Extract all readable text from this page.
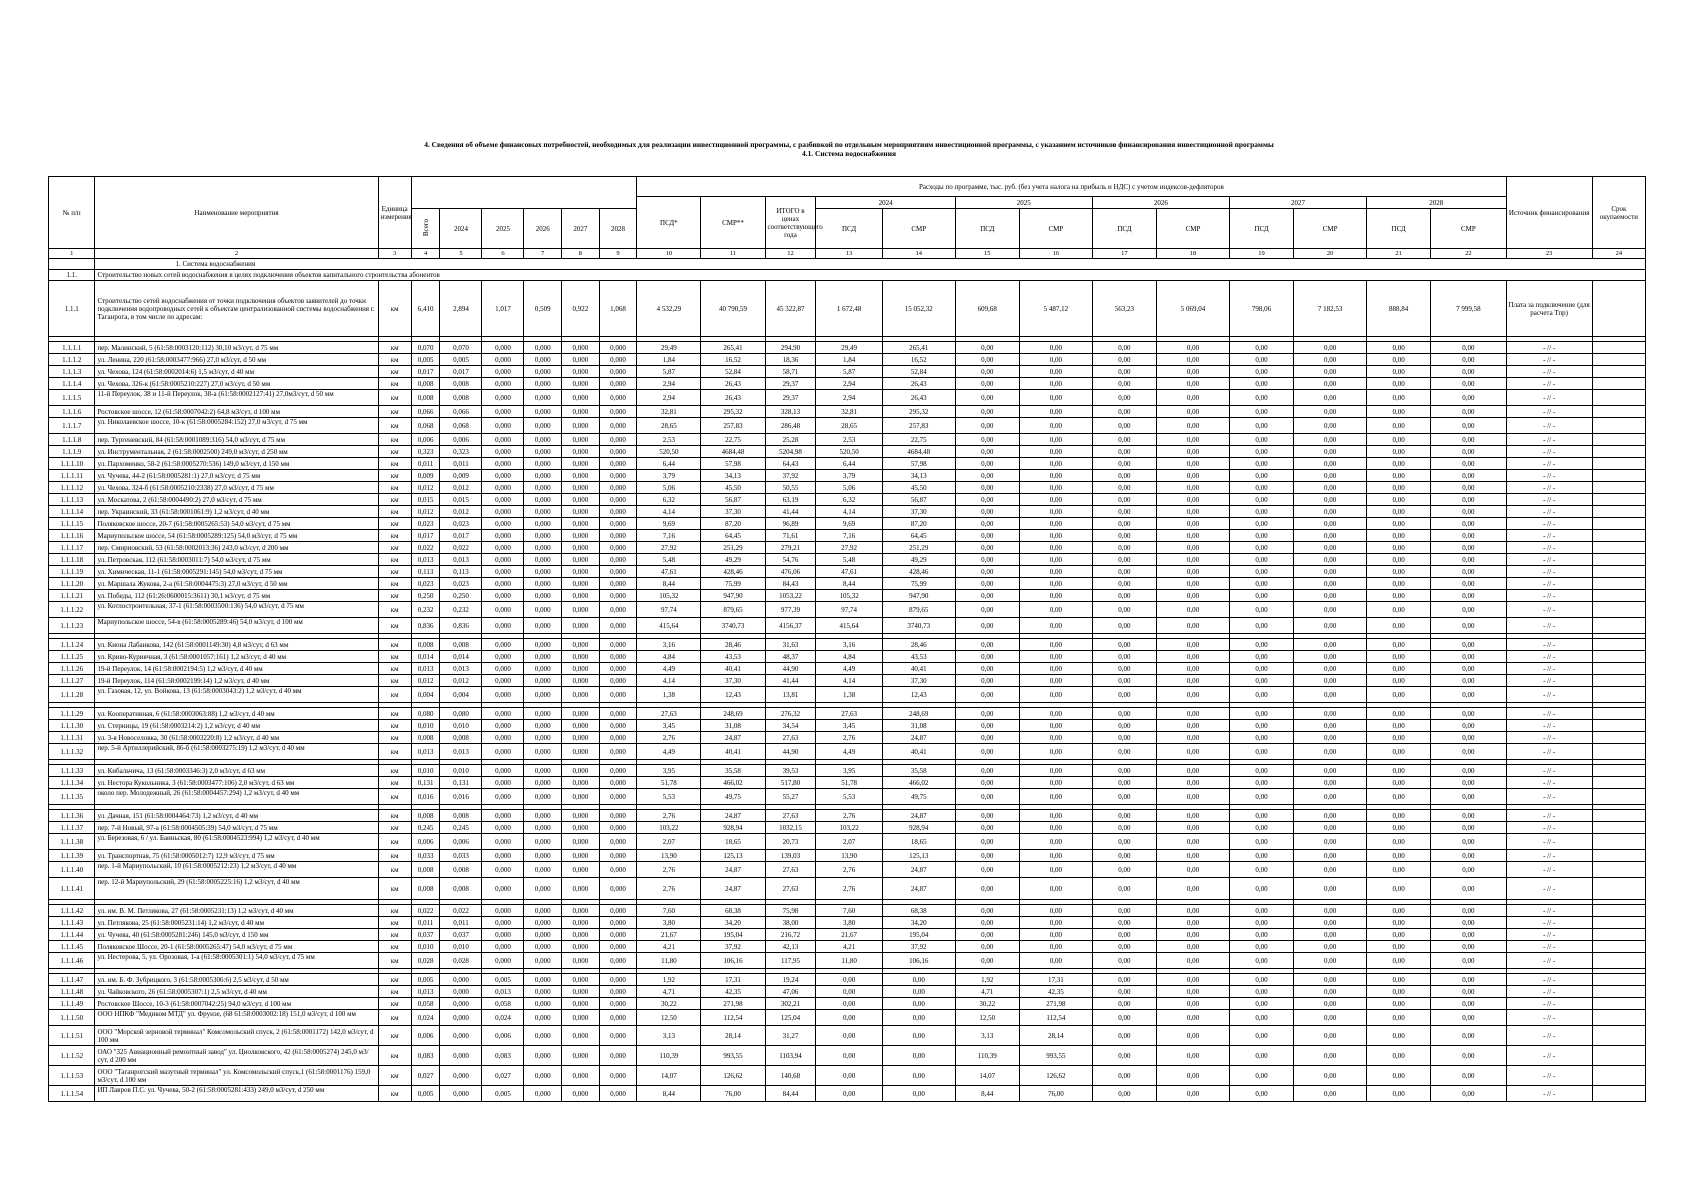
4. Сведения об объеме финансовых потребностей, необходимых для реализации инвестиционной программы, с разбивкой по отдельным мероприятиям инвестиционной программы, с указанием источников финансирования инвестиционной программы
4.1. Система водоснабжения
№ п/п	Наименование мероприятия	Единица измерения							Расходы по программе, тыс. руб. (без учета налога на прибыль и НДС) с учетом индексов-дефляторов													Источник финансирования	Срок окупаемости
									ПСД*	СМР**	ИТОГО в ценах соответствующего года	2024		2025		2026		2027		2028			
			Всего	2024	2025	2026	2027	2028				ПСД	СМР	ПСД	СМР	ПСД	СМР	ПСД	СМР	ПСД	СМР		
1	2	3	4	5	6	7	8	9	10	11	12	13	14	15	16	17	18	19	20	21	22	23	24
	1. Система водоснабжения																						
1.1.	Строительство новых сетей водоснабжения в целях подключения объектов капитального строительства абонентов																						
1.1.1	Строительство сетей водоснабжения от точки подключения объектов заявителей до точки подключения водопроводных сетей к объектам централизованной системы водоснабжения г. Таганрога, в том числе по адресам:	км	6,410	2,894	1,017	0,509	0,922	1,068	4 532,29	40 790,59	45 322,87	1 672,48	15 052,32	609,68	5 487,12	563,23	5 069,04	798,06	7 182,53	888,84	7 999,58	Плата за подключение (для расчета Тпр)	

1.1.1.1	пер. Малинский, 5 (61:58:0003120:112) 30,10 м3/сут, d 75 мм	км	0,070	0,070	0,000	0,000	0,000	0,000	29,49	265,41	294,90	29,49	265,41	0,00	0,00	0,00	0,00	0,00	0,00	0,00	0,00	- // -	
1.1.1.2	ул. Ленина, 220 (61:58:0003477:966) 27,0 м3/сут, d 50 мм	км	0,005	0,005	0,000	0,000	0,000	0,000	1,84	16,52	18,36	1,84	16,52	0,00	0,00	0,00	0,00	0,00	0,00	0,00	0,00	- // -	
1.1.1.3	ул. Чехова, 124 (61:58:0002014:6) 1,5 м3/сут, d 40 мм	км	0,017	0,017	0,000	0,000	0,000	0,000	5,87	52,84	58,71	5,87	52,84	0,00	0,00	0,00	0,00	0,00	0,00	0,00	0,00	- // -	
1.1.1.4	ул. Чехова, 326-к (61:58:0005210:227) 27,0 м3/сут, d 50 мм	км	0,008	0,008	0,000	0,000	0,000	0,000	2,94	26,43	29,37	2,94	26,43	0,00	0,00	0,00	0,00	0,00	0,00	0,00	0,00	- // -	
1.1.1.5	11-й Переулок, 38 и 11-й Переулок, 38-а (61:58:0002127:41) 27,0м3/сут, d 50 мм	км	0,008	0,008	0,000	0,000	0,000	0,000	2,94	26,43	29,37	2,94	26,43	0,00	0,00	0,00	0,00	0,00	0,00	0,00	0,00	- // -	
1.1.1.6	Ростовское шоссе, 12 (61:58:0007042:2) 64,8 м3/сут, d 100 мм	км	0,066	0,066	0,000	0,000	0,000	0,000	32,81	295,32	328,13	32,81	295,32	0,00	0,00	0,00	0,00	0,00	0,00	0,00	0,00	- // -	
1.1.1.7	ул. Николаевское шоссе, 10-к (61:58:0005284:152) 27,0 м3/сут, d 75 мм	км	0,068	0,068	0,000	0,000	0,000	0,000	28,65	257,83	286,48	28,65	257,83	0,00	0,00	0,00	0,00	0,00	0,00	0,00	0,00	- // -	
1.1.1.8	пер. Тургеневский, 84 (61:58:0001089:316) 54,0 м3/сут, d 75 мм	км	0,006	0,006	0,000	0,000	0,000	0,000	2,53	22,75	25,28	2,53	22,75	0,00	0,00	0,00	0,00	0,00	0,00	0,00	0,00	- // -	
1.1.1.9	ул. Инструментальная, 2 (61:58:0002500) 249,0 м3/сут, d 250 мм	км	0,323	0,323	0,000	0,000	0,000	0,000	520,50	4684,48	5204,98	520,50	4684,48	0,00	0,00	0,00	0,00	0,00	0,00	0,00	0,00	- // -	
1.1.1.10	ул. Пархоменко, 58-2 (61:58:0005270:536) 149,0 м3/сут, d 150 мм	км	0,011	0,011	0,000	0,000	0,000	0,000	6,44	57,98	64,43	6,44	57,98	0,00	0,00	0,00	0,00	0,00	0,00	0,00	0,00	- // -	
1.1.1.11	ул. Чучева, 44-2 (61:58:0005281:1) 27,0 м3/сут, d 75 мм	км	0,009	0,009	0,000	0,000	0,000	0,000	3,79	34,13	37,92	3,79	34,13	0,00	0,00	0,00	0,00	0,00	0,00	0,00	0,00	- // -	
1.1.1.12	ул. Чехова, 324-б (61:58:0005210:2338) 27,0 м3/сут, d 75 мм	км	0,012	0,012	0,000	0,000	0,000	0,000	5,06	45,50	50,55	5,06	45,50	0,00	0,00	0,00	0,00	0,00	0,00	0,00	0,00	- // -	
1.1.1.13	ул. Москатова, 2 (61:58:0004490:2) 27,0 м3/сут, d 75 мм	км	0,015	0,015	0,000	0,000	0,000	0,000	6,32	56,87	63,19	6,32	56,87	0,00	0,00	0,00	0,00	0,00	0,00	0,00	0,00	- // -	
1.1.1.14	пер. Украинский, 33 (61:58:0001061:9) 1,2 м3/сут, d 40 мм	км	0,012	0,012	0,000	0,000	0,000	0,000	4,14	37,30	41,44	4,14	37,30	0,00	0,00	0,00	0,00	0,00	0,00	0,00	0,00	- // -	
1.1.1.15	Поляковское шоссе, 20-7 (61:58:0005265:53) 54,0 м3/сут, d 75 мм	км	0,023	0,023	0,000	0,000	0,000	0,000	9,69	87,20	96,89	9,69	87,20	0,00	0,00	0,00	0,00	0,00	0,00	0,00	0,00	- // -	
1.1.1.16	Мариупольское шоссе, 54 (61:58:0005289:125) 54,0 м3/сут, d 75 мм	км	0,017	0,017	0,000	0,000	0,000	0,000	7,16	64,45	71,61	7,16	64,45	0,00	0,00	0,00	0,00	0,00	0,00	0,00	0,00	- // -	
1.1.1.17	пер. Смирновский, 53 (61:58:0002013:36) 243,0 м3/сут, d 200 мм	км	0,022	0,022	0,000	0,000	0,000	0,000	27,92	251,29	279,21	27,92	251,29	0,00	0,00	0,00	0,00	0,00	0,00	0,00	0,00	- // -	
1.1.1.18	ул. Петровская, 112 (61:58:0003011:7) 54,0 м3/сут, d 75 мм	км	0,013	0,013	0,000	0,000	0,000	0,000	5,48	49,29	54,76	5,48	49,29	0,00	0,00	0,00	0,00	0,00	0,00	0,00	0,00	- // -	
1.1.1.19	ул. Химическая, 11-1 (61:58:0005291:145) 54,0 м3/сут, d 75 мм	км	0,113	0,113	0,000	0,000	0,000	0,000	47,61	428,46	476,06	47,61	428,46	0,00	0,00	0,00	0,00	0,00	0,00	0,00	0,00	- // -	
1.1.1.20	ул. Маршала Жукова, 2-а (61:58:0004475:3) 27,0 м3/сут, d 50 мм	км	0,023	0,023	0,000	0,000	0,000	0,000	8,44	75,99	84,43	8,44	75,99	0,00	0,00	0,00	0,00	0,00	0,00	0,00	0,00	- // -	
1.1.1.21	ул. Победы, 112 (61:26:0600015:3611) 30,1 м3/сут, d 75 мм	км	0,250	0,250	0,000	0,000	0,000	0,000	105,32	947,90	1053,22	105,32	947,90	0,00	0,00	0,00	0,00	0,00	0,00	0,00	0,00	- // -	
1.1.1.22	ул. Котлостроительная, 37-1 (61:58:0003500:136) 54,0 м3/сут, d 75 мм	км	0,232	0,232	0,000	0,000	0,000	0,000	97,74	879,65	977,39	97,74	879,65	0,00	0,00	0,00	0,00	0,00	0,00	0,00	0,00	- // -	
1.1.1.23	Мариупольское шоссе, 54-в (61:58:0005289:46) 54,0 м3/сут, d 100 мм	км	0,836	0,836	0,000	0,000	0,000	0,000	415,64	3740,73	4156,37	415,64	3740,73	0,00	0,00	0,00	0,00	0,00	0,00	0,00	0,00	- // -	

1.1.1.24	ул. Киона Лабанкова, 142 (61:58:0001149:30) 4,8 м3/сут, d 63 мм	км	0,008	0,008	0,000	0,000	0,000	0,000	3,16	28,46	31,63	3,16	28,46	0,00	0,00	0,00	0,00	0,00	0,00	0,00	0,00	- // -	
1.1.1.25	ул. Криво-Куриячная, 3 (61:58:0001057:161) 1,2 м3/сут, d 40 мм	км	0,014	0,014	0,000	0,000	0,000	0,000	4,84	43,53	48,37	4,84	43,53	0,00	0,00	0,00	0,00	0,00	0,00	0,00	0,00	- // -	
1.1.1.26	19-й Переулок, 14 (61:58:0002194:5) 1,2 м3/сут, d 40 мм	км	0,013	0,013	0,000	0,000	0,000	0,000	4,49	40,41	44,90	4,49	40,41	0,00	0,00	0,00	0,00	0,00	0,00	0,00	0,00	- // -	
1.1.1.27	19-й Переулок, 114 (61:58:0002199:14) 1,2 м3/сут, d 40 мм	км	0,012	0,012	0,000	0,000	0,000	0,000	4,14	37,30	41,44	4,14	37,30	0,00	0,00	0,00	0,00	0,00	0,00	0,00	0,00	- // -	
1.1.1.28	ул. Газовая, 12, ул. Войкова, 13 (61:58:0003043:2) 1,2 м3/сут, d 40 мм	км	0,004	0,004	0,000	0,000	0,000	0,000	1,38	12,43	13,81	1,38	12,43	0,00	0,00	0,00	0,00	0,00	0,00	0,00	0,00	- // -	

1.1.1.29	ул. Кооперативная, 6 (61:58:0003063:88) 1,2 м3/сут, d 40 мм	км	0,080	0,080	0,000	0,000	0,000	0,000	27,63	248,69	276,32	27,63	248,69	0,00	0,00	0,00	0,00	0,00	0,00	0,00	0,00	- // -	
1.1.1.30	ул. Стерницы, 19 (61:58:0003214:2) 1,2 м3/сут, d 40 мм	км	0,010	0,010	0,000	0,000	0,000	0,000	3,45	31,08	34,54	3,45	31,08	0,00	0,00	0,00	0,00	0,00	0,00	0,00	0,00	- // -	
1.1.1.31	ул. 3-я Новоселовка, 30 (61:58:0003220:8) 1,2 м3/сут, d 40 мм	км	0,008	0,008	0,000	0,000	0,000	0,000	2,76	24,87	27,63	2,76	24,87	0,00	0,00	0,00	0,00	0,00	0,00	0,00	0,00	- // -	
1.1.1.32	пер. 5-й Артиллерийский, 86-б (61:58:0003275:19) 1,2 м3/сут, d 40 мм	км	0,013	0,013	0,000	0,000	0,000	0,000	4,49	40,41	44,90	4,49	40,41	0,00	0,00	0,00	0,00	0,00	0,00	0,00	0,00	- // -	

1.1.1.33	ул. Кибальчича, 13 (61:58:0003346:3) 2,0 м3/сут, d 63 мм	км	0,010	0,010	0,000	0,000	0,000	0,000	3,95	35,58	39,53	3,95	35,58	0,00	0,00	0,00	0,00	0,00	0,00	0,00	0,00	- // -	
1.1.1.34	ул. Нестора Кукольника, 3 (61:58:0003477:106) 2,0 м3/сут, d 63 мм	км	0,131	0,131	0,000	0,000	0,000	0,000	51,78	466,02	517,80	51,78	466,02	0,00	0,00	0,00	0,00	0,00	0,00	0,00	0,00	- // -	
1.1.1.35	около пер. Молодежный, 26 (61:58:0004457:294) 1,2 м3/сут, d 40 мм	км	0,016	0,016	0,000	0,000	0,000	0,000	5,53	49,75	55,27	5,53	49,75	0,00	0,00	0,00	0,00	0,00	0,00	0,00	0,00	- // -	

1.1.1.36	ул. Дачная, 151 (61:58:0004464:73) 1,2 м3/сут, d 40 мм	км	0,008	0,008	0,000	0,000	0,000	0,000	2,76	24,87	27,63	2,76	24,87	0,00	0,00	0,00	0,00	0,00	0,00	0,00	0,00	- // -	
1.1.1.37	пер. 7-й Новый, 97-а (61:58:0004505:39) 54,0 м3/сут, d 75 мм	км	0,245	0,245	0,000	0,000	0,000	0,000	103,22	928,94	1032,15	103,22	928,94	0,00	0,00	0,00	0,00	0,00	0,00	0,00	0,00	- // -	
1.1.1.38	ул. Березовая, 6 / ул. Баиньская, 80 (61:58:0004523:994) 1,2 м3/сут, d 40 мм	км	0,006	0,006	0,000	0,000	0,000	0,000	2,07	18,65	20,73	2,07	18,65	0,00	0,00	0,00	0,00	0,00	0,00	0,00	0,00	- // -	
1.1.1.39	ул. Транспортная, 75 (61:58:0005012:7) 12,9 м3/сут, d 75 мм	км	0,033	0,033	0,000	0,000	0,000	0,000	13,90	125,13	139,03	13,90	125,13	0,00	0,00	0,00	0,00	0,00	0,00	0,00	0,00	- // -	
1.1.1.40	пер. 1-й Мариупольский, 10 (61:58:0005212:23) 1,2 м3/сут, d 40 мм	км	0,008	0,008	0,000	0,000	0,000	0,000	2,76	24,87	27,63	2,76	24,87	0,00	0,00	0,00	0,00	0,00	0,00	0,00	0,00	- // -	
1.1.1.41	пер. 12-й Мариупольский, 29 (61:58:0005225:16) 1,2 м3/сут, d 40 мм	км	0,008	0,008	0,000	0,000	0,000	0,000	2,76	24,87	27,63	2,76	24,87	0,00	0,00	0,00	0,00	0,00	0,00	0,00	0,00	- // -	

1.1.1.42	ул. им. В. М. Петлякова, 27 (61:58:0005231:13) 1,2 м3/сут, d 40 мм	км	0,022	0,022	0,000	0,000	0,000	0,000	7,60	68,38	75,98	7,60	68,38	0,00	0,00	0,00	0,00	0,00	0,00	0,00	0,00	- // -	
1.1.1.43	ул. Петлякова, 25 (61:58:0005231:14) 1,2 м3/сут, d 40 мм	км	0,011	0,011	0,000	0,000	0,000	0,000	3,80	34,20	38,00	3,80	34,20	0,00	0,00	0,00	0,00	0,00	0,00	0,00	0,00	- // -	
1.1.1.44	ул. Чучева, 40 (61:58:0005281:246) 145,0 м3/сут, d 150 мм	км	0,037	0,037	0,000	0,000	0,000	0,000	21,67	195,04	216,72	21,67	195,04	0,00	0,00	0,00	0,00	0,00	0,00	0,00	0,00	- // -	
1.1.1.45	Поляковское Шоссе, 20-1 (61:58:0005265:47) 54,0 м3/сут, d 75 мм	км	0,010	0,010	0,000	0,000	0,000	0,000	4,21	37,92	42,13	4,21	37,92	0,00	0,00	0,00	0,00	0,00	0,00	0,00	0,00	- // -	
1.1.1.46	ул. Нестерова, 5, ул. Орозовая, 1-а (61:58:0005301:1) 54,0 м3/сут, d 75 мм	км	0,028	0,028	0,000	0,000	0,000	0,000	11,80	106,16	117,95	11,80	106,16	0,00	0,00	0,00	0,00	0,00	0,00	0,00	0,00	- // -	

1.1.1.47	ул. им. Б. Ф. Зубрицкого, 3 (61:58:0005306:6) 2,5 м3/сут, d 50 мм	км	0,005	0,000	0,005	0,000	0,000	0,000	1,92	17,31	19,24	0,00	0,00	1,92	17,31	0,00	0,00	0,00	0,00	0,00	0,00	- // -	
1.1.1.48	ул. Чайковского, 26 (61:58:0005307:1) 2,5 м3/сут, d 40 мм	км	0,013	0,000	0,013	0,000	0,000	0,000	4,71	42,35	47,06	0,00	0,00	4,71	42,35	0,00	0,00	0,00	0,00	0,00	0,00	- // -	
1.1.1.49	Ростовское Шоссе, 10-3 (61:58:0007042:25) 94,0 м3/сут, d 100 мм	км	0,058	0,000	0,058	0,000	0,000	0,000	30,22	271,98	302,21	0,00	0,00	30,22	271,98	0,00	0,00	0,00	0,00	0,00	0,00	- // -	
1.1.1.50	ООО НПКФ "Медиком МТД" ул. Фрунзе, (68 61:58:0003002:18) 151,0 м3/сут, d 100 мм	км	0,024	0,000	0,024	0,000	0,000	0,000	12,50	112,54	125,04	0,00	0,00	12,50	112,54	0,00	0,00	0,00	0,00	0,00	0,00	- // -	
1.1.1.51	ООО "Морской зерновой терминал" Комсомольский спуск, 2 (61:58:0001172) 142,0 м3/сут, d 100 мм	км	0,006	0,000	0,006	0,000	0,000	0,000	3,13	28,14	31,27	0,00	0,00	3,13	28,14	0,00	0,00	0,00	0,00	0,00	0,00	- // -	
1.1.1.52	ОАО "325 Авиационный ремонтный завод" ул. Циолковского, 42 (61:58:0005274) 245,0 м3/сут, d 200 мм	км	0,083	0,000	0,083	0,000	0,000	0,000	110,39	993,55	1103,94	0,00	0,00	110,39	993,55	0,00	0,00	0,00	0,00	0,00	0,00	- // -	
1.1.1.53	ООО "Таганрогский мазутный терминал" ул. Комсомольский спуск,1 (61:58:0001176) 159,0 м3/сут, d 100 мм	км	0,027	0,000	0,027	0,000	0,000	0,000	14,07	126,62	140,68	0,00	0,00	14,07	126,62	0,00	0,00	0,00	0,00	0,00	0,00	- // -	
1.1.1.54	ИП Лавров П.С. ул. Чучева, 50-2 (61:58:0005281:433) 249,0 м3/сут, d 250 мм	км	0,005	0,000	0,005	0,000	0,000	0,000	8,44	76,00	84,44	0,00	0,00	8,44	76,00	0,00	0,00	0,00	0,00	0,00	0,00	- // -	
